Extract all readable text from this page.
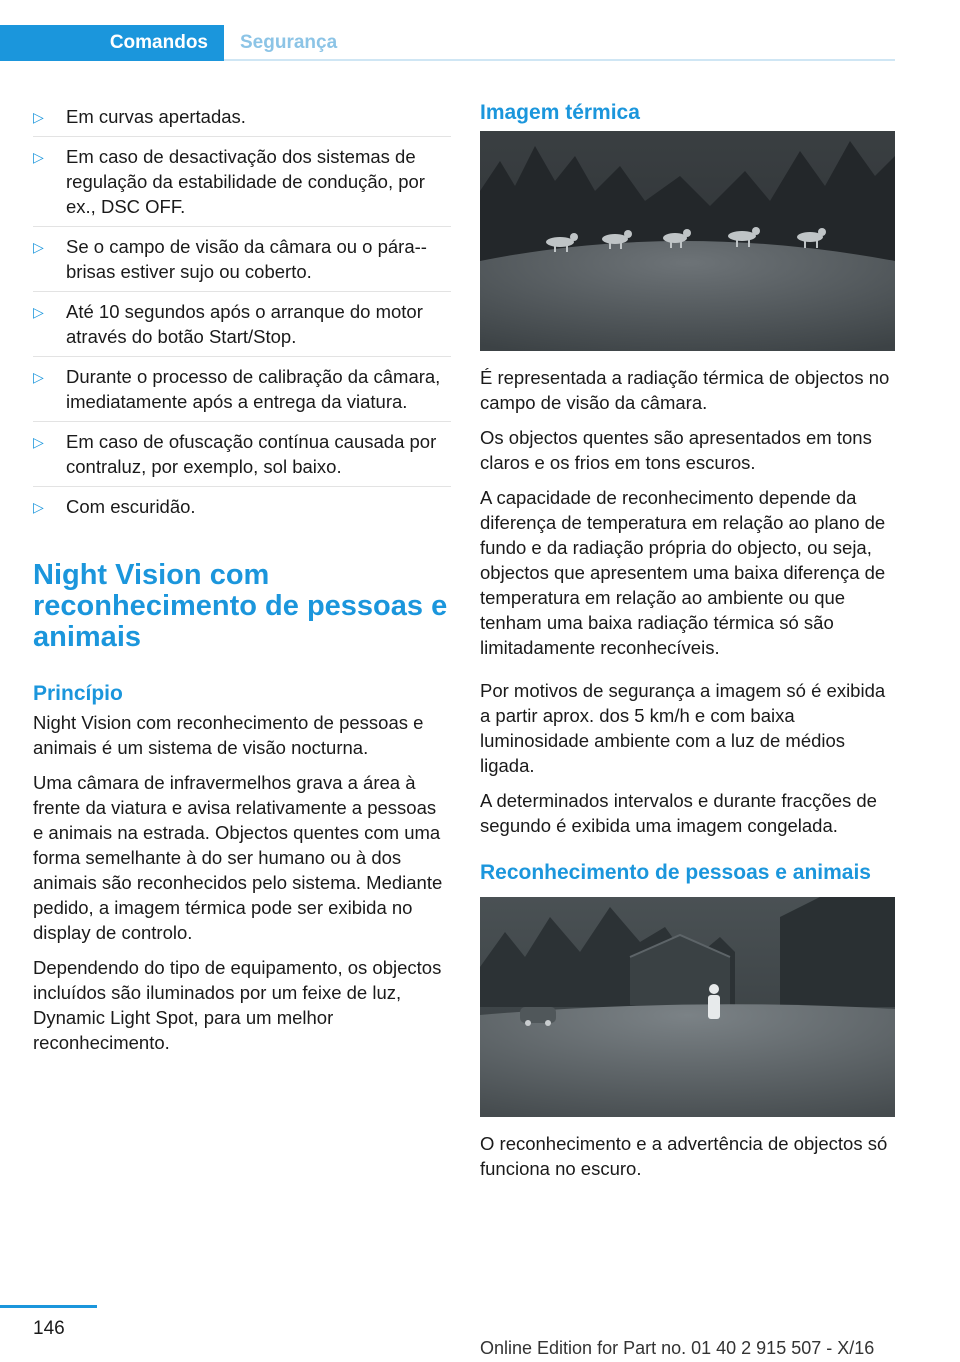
Comandos	Segurança
▷ Em curvas apertadas.
▷ Em caso de desactivação dos sistemas de regulação da estabilidade de condução, por ex., DSC OFF.
▷ Se o campo de visão da câmara ou o pára--brisas estiver sujo ou coberto.
▷ Até 10 segundos após o arranque do motor através do botão Start/Stop.
▷ Durante o processo de calibração da câmara, imediatamente após a entrega da viatura.
▷ Em caso de ofuscação contínua causada por contraluz, por exemplo, sol baixo.
▷ Com escuridão.
Night Vision com reconhecimento de pessoas e animais
Princípio

Night Vision com reconhecimento de pessoas e animais é um sistema de visão nocturna.

Uma câmara de infravermelhos grava a área à frente da viatura e avisa relativamente a pessoas e animais na estrada. Objectos quentes com uma forma semelhante à do ser humano ou à dos animais são reconhecidos pelo sistema. Mediante pedido, a imagem térmica pode ser exibida no display de controlo.

Dependendo do tipo de equipamento, os objectos incluídos são iluminados por um feixe de luz, Dynamic Light Spot, para um melhor reconhecimento.

Imagem térmica

É representada a radiação térmica de objectos no campo de visão da câmara.

Os objectos quentes são apresentados em tons claros e os frios em tons escuros.

A capacidade de reconhecimento depende da diferença de temperatura em relação ao plano de fundo e da radiação própria do objecto, ou seja, objectos que apresentem uma baixa diferença de temperatura em relação ao ambiente ou que tenham uma baixa radiação térmica só são limitadamente reconhecíveis.

Por motivos de segurança a imagem só é exibida a partir aprox. dos 5 km/h e com baixa luminosidade ambiente com a luz de médios ligada.

A determinados intervalos e durante fracções de segundo é exibida uma imagem congelada.

Reconhecimento de pessoas e animais

O reconhecimento e a advertência de objectos só funciona no escuro.

146
Online Edition for Part no. 01 40 2 915 507 - X/16
